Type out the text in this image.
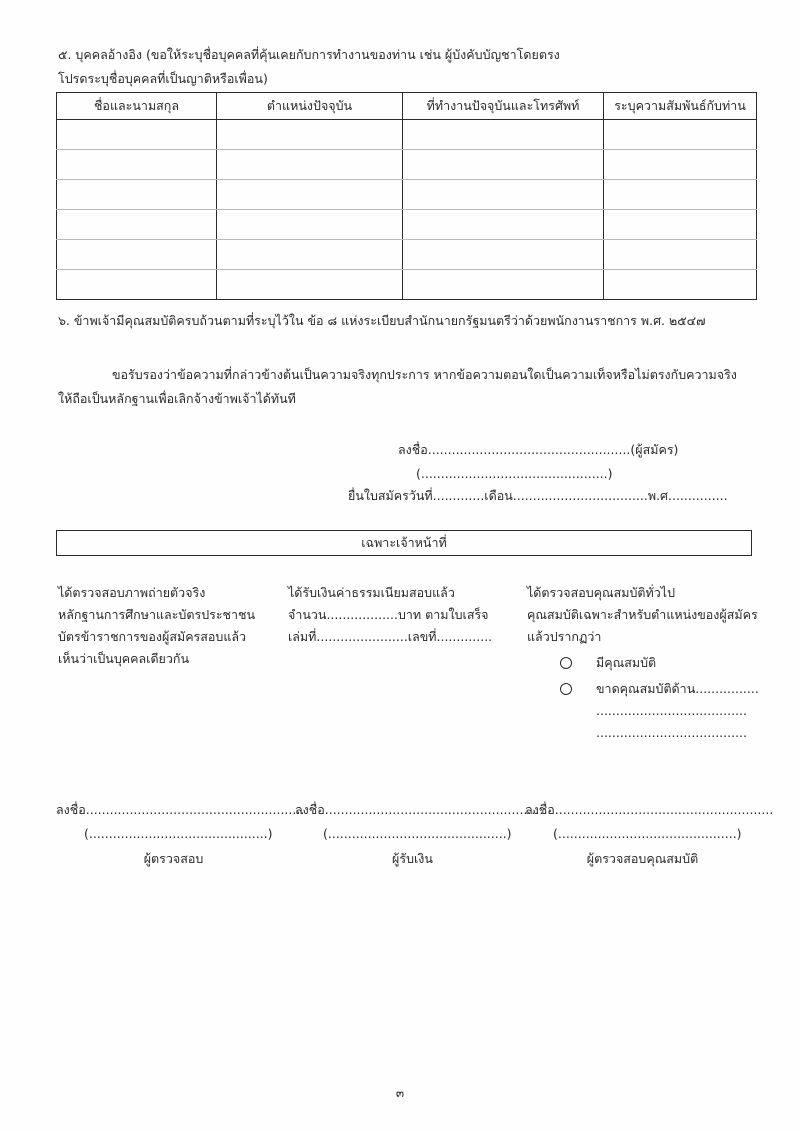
๕. บุคคลอ้างอิง (ขอให้ระบุชื่อบุคคลที่คุ้นเคยกับการทำงานของท่าน เช่น ผู้บังคับบัญชาโดยตรง
โปรดระบุชื่อบุคคลที่เป็นญาติหรือเพื่อน)
ชื่อและนามสกุล	ตำแหน่งปัจจุบัน	ที่ทำงานปัจจุบันและโทรศัพท์	ระบุความสัมพันธ์กับท่าน

๖. ข้าพเจ้ามีคุณสมบัติครบถ้วนตามที่ระบุไว้ใน ข้อ ๘ แห่งระเบียบสำนักนายกรัฐมนตรีว่าด้วยพนักงานราชการ พ.ศ. ๒๕๔๗
ขอรับรองว่าข้อความที่กล่าวข้างต้นเป็นความจริงทุกประการ หากข้อความตอนใดเป็นความเท็จหรือไม่ตรงกับความจริง
ให้ถือเป็นหลักฐานเพื่อเลิกจ้างข้าพเจ้าได้ทันที
ลงชื่อ...................................................(ผู้สมัคร)
(...............................................)
ยื่นใบสมัครวันที่.............เดือน..................................พ.ศ...............
เฉพาะเจ้าหน้าที่
ได้ตรวจสอบภาพถ่ายตัวจริง
หลักฐานการศึกษาและบัตรประชาชน
บัตรข้าราชการของผู้สมัครสอบแล้ว
เห็นว่าเป็นบุคคลเดียวกัน
ได้รับเงินค่าธรรมเนียมสอบแล้ว
จำนวน..................บาท ตามใบเสร็จ
เล่มที่.......................เลขที่..............
ได้ตรวจสอบคุณสมบัติทั่วไป
คุณสมบัติเฉพาะสำหรับตำแหน่งของผู้สมัคร
แล้วปรากฏว่า
มีคุณสมบัติ
ขาดคุณสมบัติด้าน................
......................................
......................................
ลงชื่อ.......................................................
(.............................................)
ผู้ตรวจสอบ
ลงชื่อ.......................................................
(.............................................)
ผู้รับเงิน
ลงชื่อ.......................................................
(.............................................)
ผู้ตรวจสอบคุณสมบัติ
๓
